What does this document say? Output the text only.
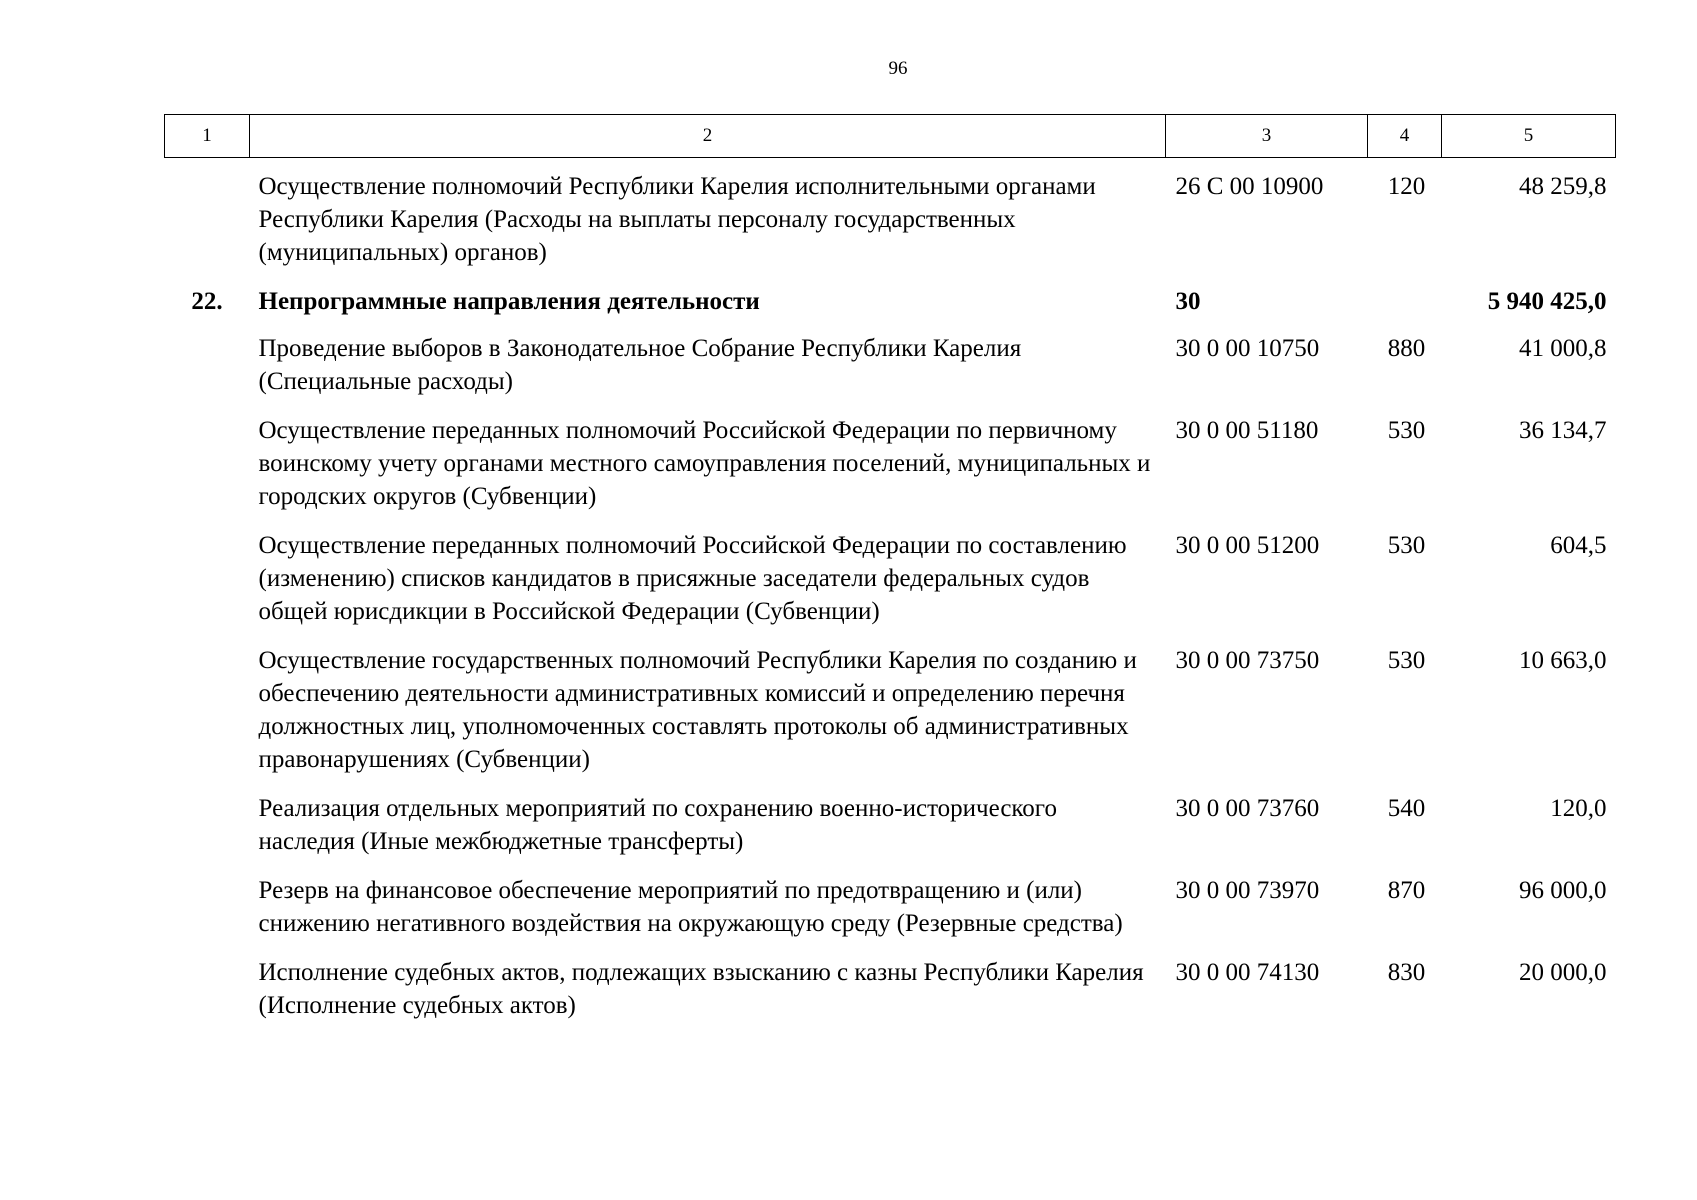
96
1	2	3	4	5
	Осуществление полномочий Республики Карелия исполнительными органами Республики Карелия (Расходы на выплаты персоналу государственных (муниципальных) органов)	26 С 00 10900	120	48 259,8
22.	Непрограммные направления деятельности	30		5 940 425,0
	Проведение выборов в Законодательное Собрание Республики Карелия (Специальные расходы)	30 0 00 10750	880	41 000,8
	Осуществление переданных полномочий Российской Федерации по первичному воинскому учету органами местного самоуправления поселений, муниципальных и городских округов (Субвенции)	30 0 00 51180	530	36 134,7
	Осуществление переданных полномочий Российской Федерации по составлению (изменению) списков кандидатов в присяжные заседатели федеральных судов общей юрисдикции в Российской Федерации (Субвенции)	30 0 00 51200	530	604,5
	Осуществление государственных полномочий Республики Карелия по созданию и обеспечению деятельности административных комиссий и определению перечня должностных лиц, уполномоченных составлять протоколы об административных правонарушениях (Субвенции)	30 0 00 73750	530	10 663,0
	Реализация отдельных мероприятий по сохранению военно-исторического наследия (Иные межбюджетные трансферты)	30 0 00 73760	540	120,0
	Резерв на финансовое обеспечение мероприятий по предотвращению и (или) снижению негативного воздействия на окружающую среду (Резервные средства)	30 0 00 73970	870	96 000,0
	Исполнение судебных актов, подлежащих взысканию с казны Республики Карелия (Исполнение судебных актов)	30 0 00 74130	830	20 000,0
